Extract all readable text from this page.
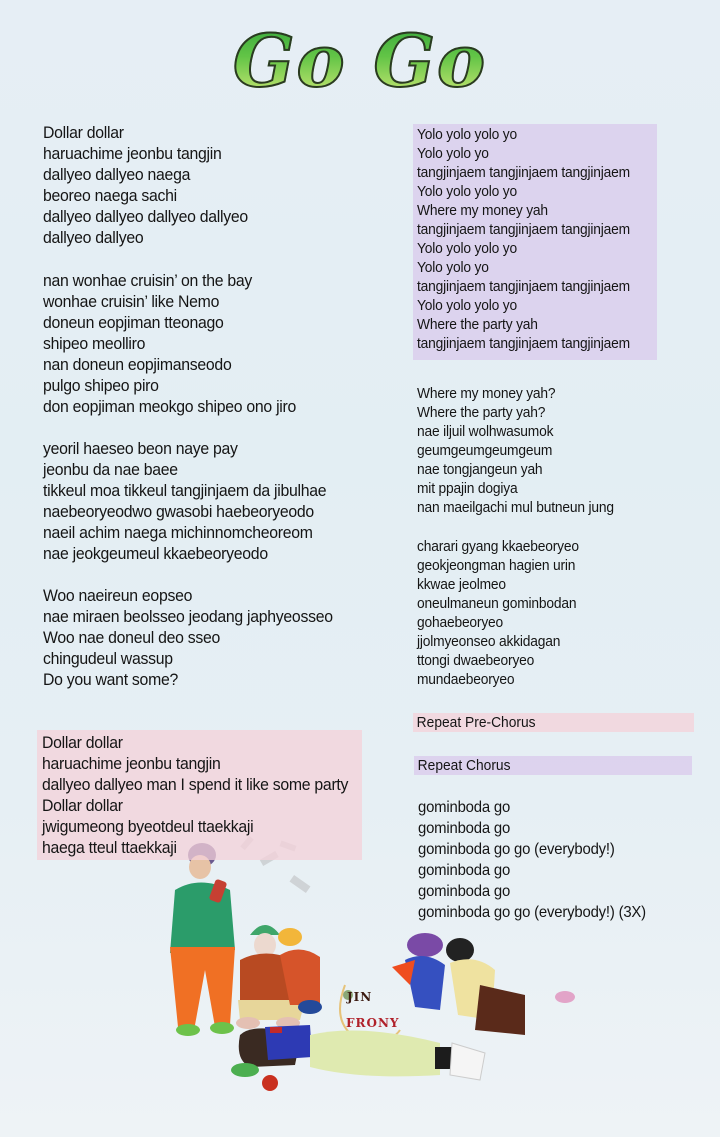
Go Go
Dollar dollar
haruachime jeonbu tangjin
dallyeo dallyeo naega
beoreo naega sachi
dallyeo dallyeo dallyeo dallyeo
dallyeo dallyeo
nan wonhae cruisin’ on the bay
wonhae cruisin’ like Nemo
doneun eopjiman tteonago
shipeo meolliro
nan doneun eopjimanseodo
pulgo shipeo piro
don eopjiman meokgo shipeo ono jiro
yeoril haeseo beon naye pay
jeonbu da nae baee
tikkeul moa tikkeul tangjinjaem da jibulhae
naebeoryeodwo gwasobi haebeoryeodo
naeil achim naega michinnomcheoreom
nae jeokgeumeul kkaebeoryeodo
Woo naeireun eopseo
nae miraen beolsseo jeodang japhyeosseo
Woo nae doneul deo sseo
chingudeul wassup
Do you want some?
JIN
FRONY
Dollar dollar
haruachime jeonbu tangjin
dallyeo dallyeo man I spend it like some party
Dollar dollar
jwigumeong byeotdeul ttaekkaji
haega tteul ttaekkaji
Yolo yolo yolo yo
Yolo yolo yo
tangjinjaem tangjinjaem tangjinjaem
Yolo yolo yolo yo
Where my money yah
tangjinjaem tangjinjaem tangjinjaem
Yolo yolo yolo yo
Yolo yolo yo
tangjinjaem tangjinjaem tangjinjaem
Yolo yolo yolo yo
Where the party yah
tangjinjaem tangjinjaem tangjinjaem
Where my money yah?
Where the party yah?
nae iljuil wolhwasumok
geumgeumgeumgeum
nae tongjangeun yah
mit ppajin dogiya
nan maeilgachi mul butneun jung
charari gyang kkaebeoryeo
geokjeongman hagien urin
kkwae jeolmeo
oneulmaneun gominbodan
gohaebeoryeo
jjolmyeonseo akkidagan
ttongi dwaebeoryeo
mundaebeoryeo
Repeat Pre-Chorus
Repeat Chorus
gominboda go
gominboda go
gominboda go go (everybody!)
gominboda go
gominboda go
gominboda go go (everybody!) (3X)
